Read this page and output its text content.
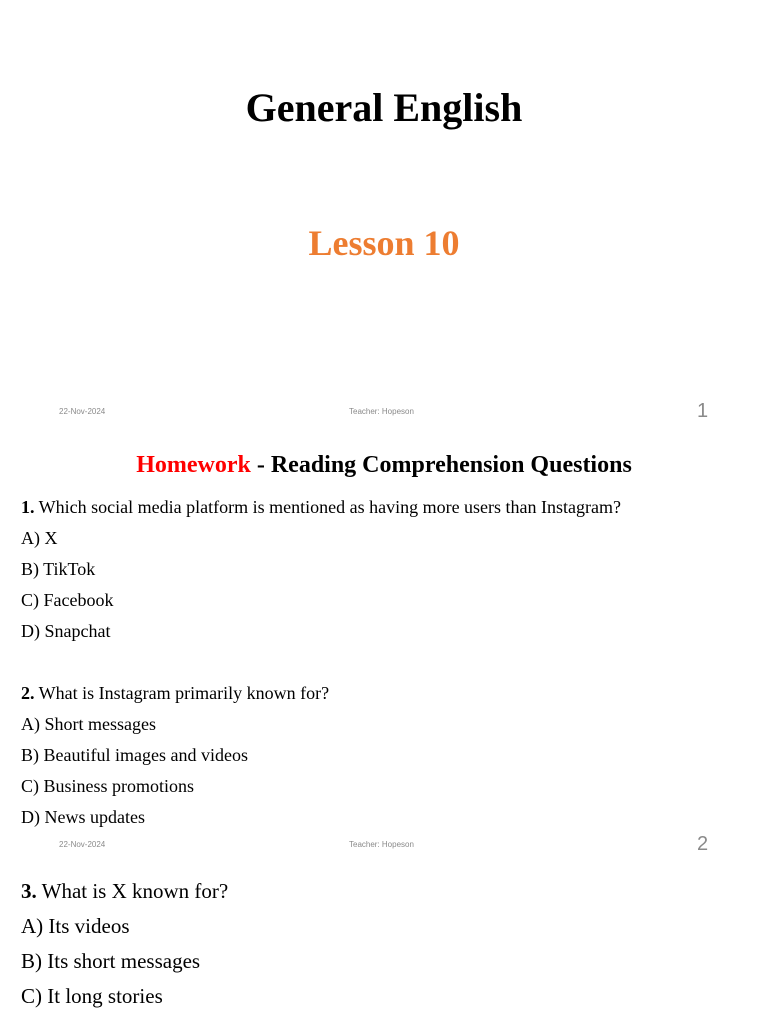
General English
Lesson 10
22-Nov-2024	Teacher: Hopeson	1
Homework - Reading Comprehension Questions
1. Which social media platform is mentioned as having more users than Instagram?
A) X
B) TikTok
C) Facebook
D) Snapchat
2. What is Instagram primarily known for?
A) Short messages
B) Beautiful images and videos
C) Business promotions
D) News updates
22-Nov-2024	Teacher: Hopeson	2
3. What is X known for?
A) Its videos
B) Its short messages
C) It long stories
